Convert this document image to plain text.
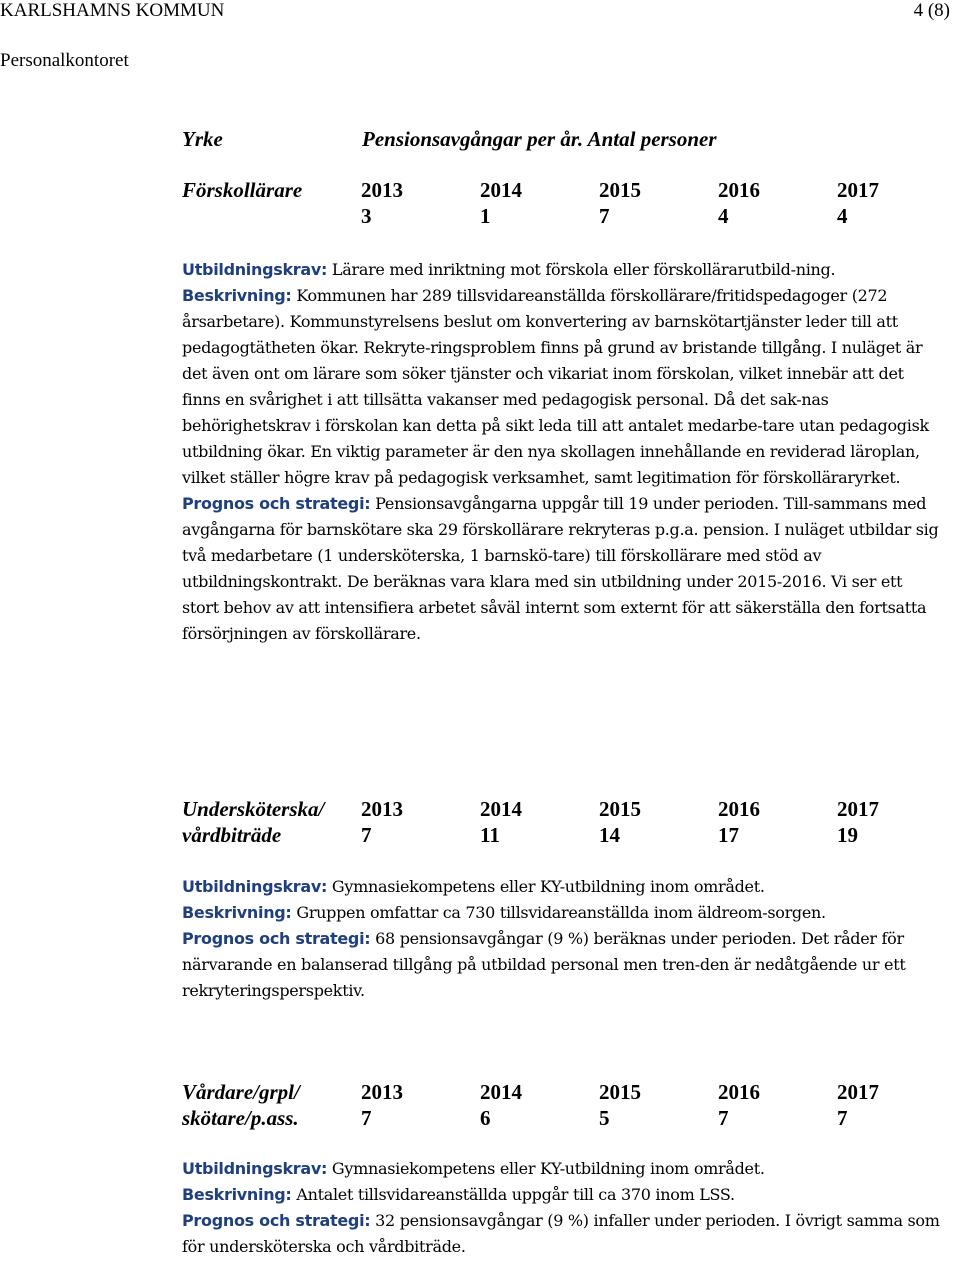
KARLSHAMNS KOMMUN	4 (8)
Personalkontoret
Yrke	Pensionsavgångar per år. Antal personer
Förskollärare	2013	2014	2015	2016	2017
3	1	7	4	4

Utbildningskrav: Lärare med inriktning mot förskola eller förskollärarutbild-ning.

Beskrivning: Kommunen har 289 tillsvidareanställda förskollärare/fritidspedagoger (272 årsarbetare). Kommunstyrelsens beslut om konvertering av barnskötartjänster leder till att pedagogtätheten ökar. Rekryte-ringsproblem finns på grund av bristande tillgång. I nuläget är det även ont om lärare som söker tjänster och vikariat inom förskolan, vilket innebär att det finns en svårighet i att tillsätta vakanser med pedagogisk personal. Då det sak-nas behörighetskrav i förskolan kan detta på sikt leda till att antalet medarbe-tare utan pedagogisk utbildning ökar. En viktig parameter är den nya skollagen innehållande en reviderad läroplan, vilket ställer högre krav på pedagogisk verksamhet, samt legitimation för förskolläraryrket.

Prognos och strategi: Pensionsavgångarna uppgår till 19 under perioden. Till-sammans med avgångarna för barnskötare ska 29 förskollärare rekryteras p.g.a. pension. I nuläget utbildar sig två medarbetare (1 undersköterska, 1 barnskö-tare) till förskollärare med stöd av utbildningskontrakt. De beräknas vara klara med sin utbildning under 2015-2016. Vi ser ett stort behov av att intensifiera arbetet såväl internt som externt för att säkerställa den fortsatta försörjningen av förskollärare.

Undersköterska/
vårdbiträde
2013	2014	2015	2016	2017
7	11	14	17	19

Utbildningskrav: Gymnasiekompetens eller KY-utbildning inom området.

Beskrivning: Gruppen omfattar ca 730 tillsvidareanställda inom äldreom-sorgen.

Prognos och strategi: 68 pensionsavgångar (9 %) beräknas under perioden. Det råder för närvarande en balanserad tillgång på utbildad personal men tren-den är nedåtgående ur ett rekryteringsperspektiv.

Vårdare/grpl/
skötare/p.ass.
2013	2014	2015	2016	2017
7	6	5	7	7

Utbildningskrav: Gymnasiekompetens eller KY-utbildning inom området.

Beskrivning: Antalet tillsvidareanställda uppgår till ca 370 inom LSS.

Prognos och strategi: 32 pensionsavgångar (9 %) infaller under perioden. I övrigt samma som för undersköterska och vårdbiträde.
